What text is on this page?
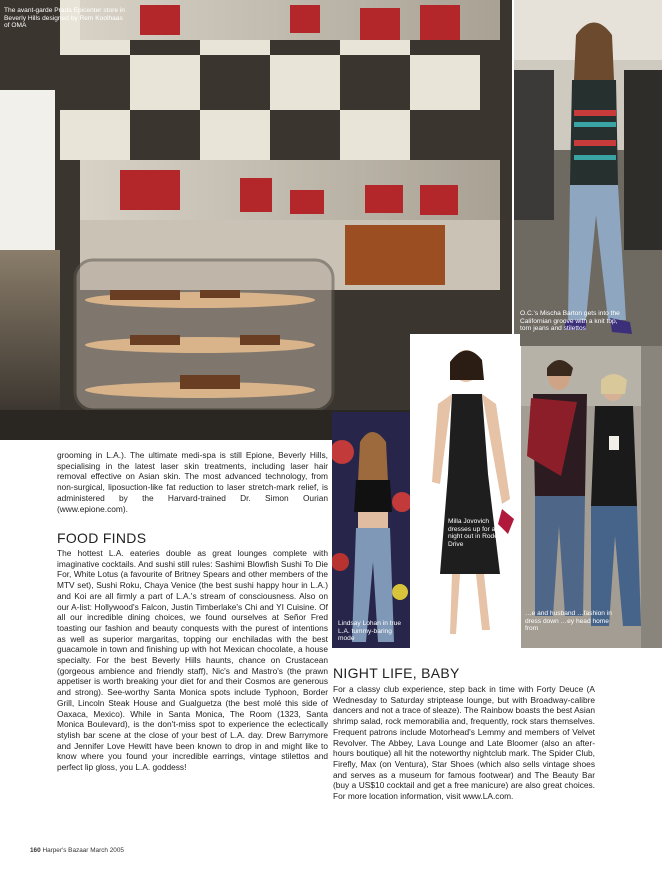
The avant-garde Prada Epicenter store in Beverly Hills designed by Rem Koolhaas of OMA
O.C.'s Mischa Barton gets into the Californian groove with a knit top, torn jeans and stilettos
Lindsay Lohan in true L.A. tummy-baring mode
Milla Jovovich dresses up for a night out in Rodeo Drive
…e and husband …fashion in dress down …ey head home from
grooming in L.A.). The ultimate medi-spa is still Epione, Beverly Hills, specialising in the latest laser skin treatments, including laser hair removal effective on Asian skin. The most advanced technology, from non-surgical, liposuction-like fat reduction to laser stretch-mark relief, is administered by the Harvard-trained Dr. Simon Ourian (www.epione.com).
FOOD FINDS
The hottest L.A. eateries double as great lounges complete with imaginative cocktails. And sushi still rules: Sashimi Blowfish Sushi To Die For, White Lotus (a favourite of Britney Spears and other members of the MTV set), Sushi Roku, Chaya Venice (the best sushi happy hour in L.A.) and Koi are all firmly a part of L.A.'s stream of consciousness. Also on our A-list: Hollywood's Falcon, Justin Timberlake's Chi and YI Cuisine. Of all our incredible dining choices, we found ourselves at Señor Fred toasting our fashion and beauty conquests with the purest of intentions as well as superior margaritas, topping our enchiladas with the best guacamole in town and finishing up with hot Mexican chocolate, a house specialty. For the best Beverly Hills haunts, chance on Crustacean (gorgeous ambience and friendly staff), Nic's and Mastro's (the prawn appetiser is worth breaking your diet for and their Cosmos are generous and strong). See-worthy Santa Monica spots include Typhoon, Border Grill, Lincoln Steak House and Gualguetza (the best molé this side of Oaxaca, Mexico). While in Santa Monica, The Room (1323, Santa Monica Boulevard), is the don't-miss spot to experience the eclectically stylish bar scene at the close of your best of L.A. day. Drew Barrymore and Jennifer Love Hewitt have been known to drop in and might like to know where you found your incredible earrings, vintage stilettos and perfect lip gloss, you L.A. goddess!
NIGHT LIFE, BABY
For a classy club experience, step back in time with Forty Deuce (A Wednesday to Saturday striptease lounge, but with Broadway-calibre dancers and not a trace of sleaze). The Rainbow boasts the best Asian shrimp salad, rock memorabilia and, frequently, rock stars themselves. Frequent patrons include Motorhead's Lemmy and members of Velvet Revolver. The Abbey, Lava Lounge and Late Bloomer (also an after-hours boutique) all hit the noteworthy nightclub mark. The Spider Club, Firefly, Max (on Ventura), Star Shoes (which also sells vintage shoes and serves as a museum for famous footwear) and The Beauty Bar (buy a US$10 cocktail and get a free manicure) are also great choices. For more location information, visit www.LA.com.
160 Harper's Bazaar March 2005
